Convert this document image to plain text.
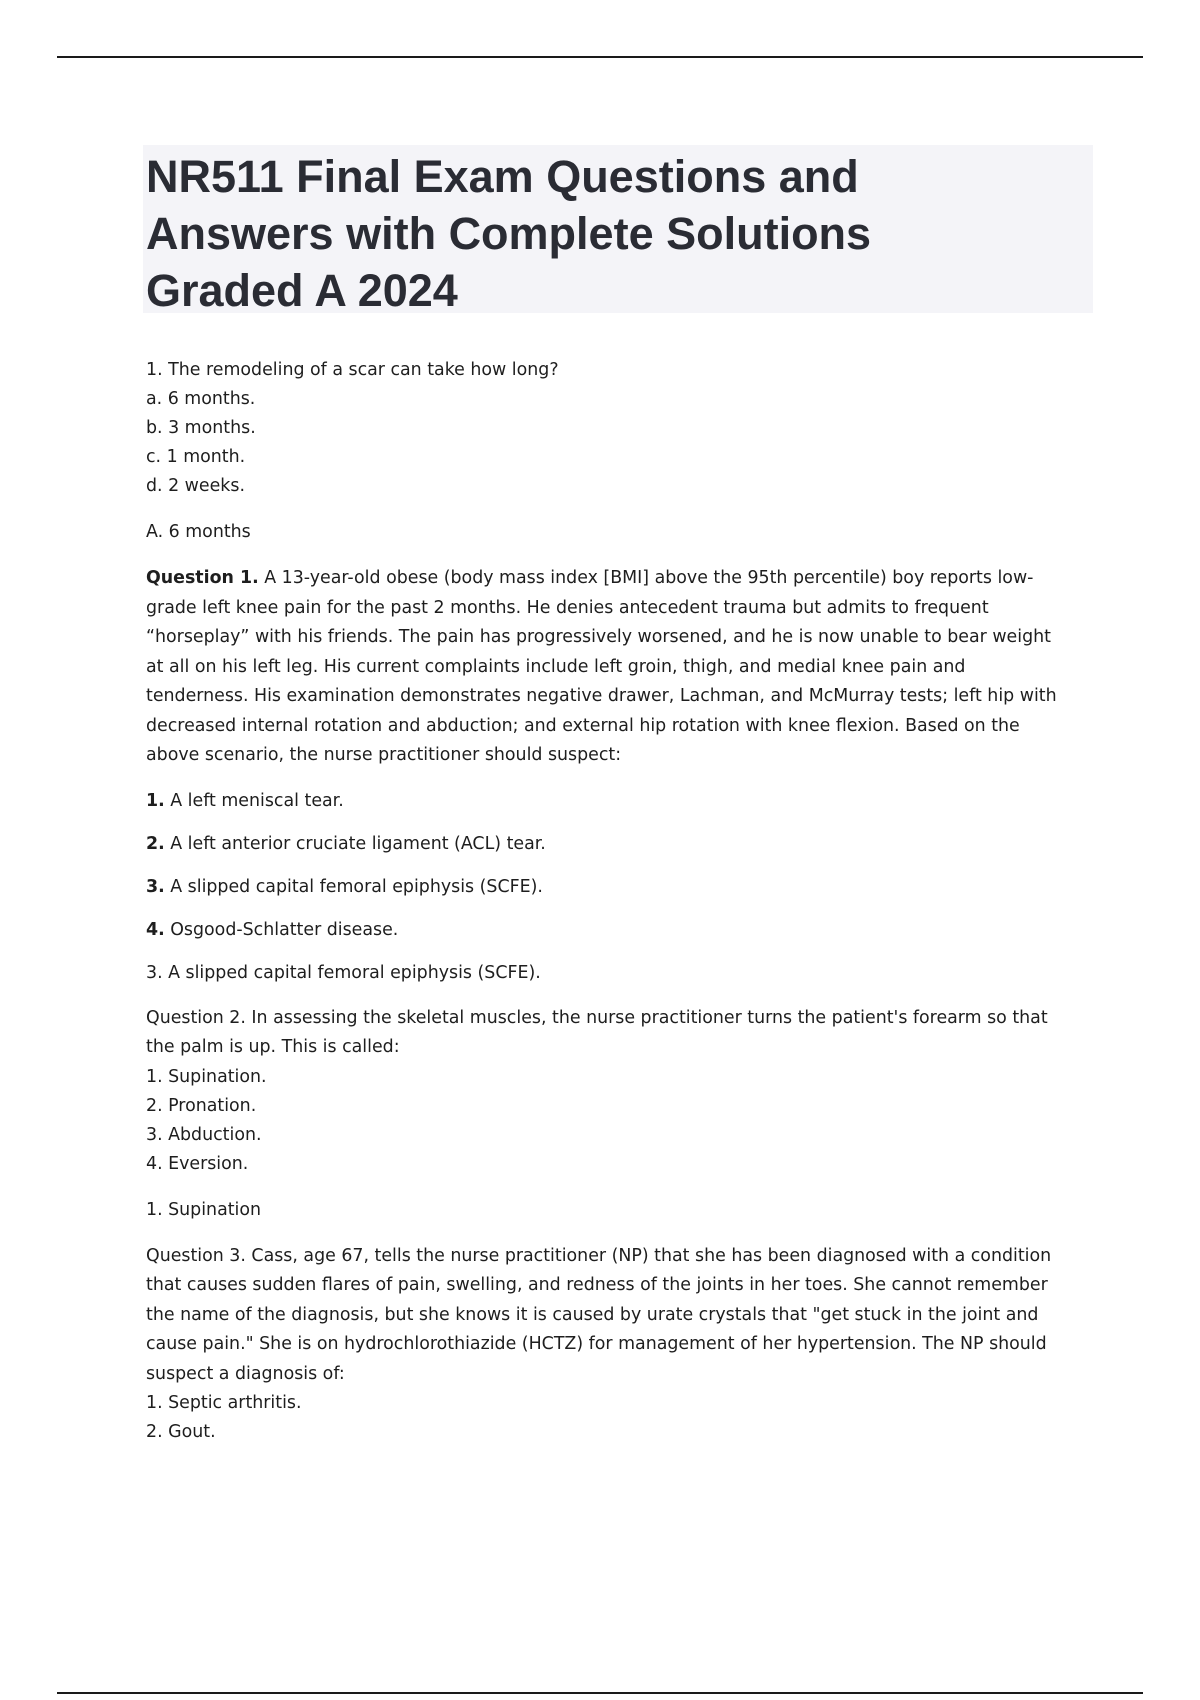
NR511 Final Exam Questions and
Answers with Complete Solutions
Graded A 2024
1. The remodeling of a scar can take how long?
a. 6 months.
b. 3 months.
c. 1 month.
d. 2 weeks.
A. 6 months
Question 1. A 13-year-old obese (body mass index [BMI] above the 95th percentile) boy reports low-
grade left knee pain for the past 2 months. He denies antecedent trauma but admits to frequent
“horseplay” with his friends. The pain has progressively worsened, and he is now unable to bear weight
at all on his left leg. His current complaints include left groin, thigh, and medial knee pain and
tenderness. His examination demonstrates negative drawer, Lachman, and McMurray tests; left hip with
decreased internal rotation and abduction; and external hip rotation with knee flexion. Based on the
above scenario, the nurse practitioner should suspect:
1. A left meniscal tear.
2. A left anterior cruciate ligament (ACL) tear.
3. A slipped capital femoral epiphysis (SCFE).
4. Osgood-Schlatter disease.
3. A slipped capital femoral epiphysis (SCFE).
Question 2. In assessing the skeletal muscles, the nurse practitioner turns the patient's forearm so that
the palm is up. This is called:
1. Supination.
2. Pronation.
3. Abduction.
4. Eversion.
1. Supination
Question 3. Cass, age 67, tells the nurse practitioner (NP) that she has been diagnosed with a condition
that causes sudden flares of pain, swelling, and redness of the joints in her toes. She cannot remember
the name of the diagnosis, but she knows it is caused by urate crystals that "get stuck in the joint and
cause pain." She is on hydrochlorothiazide (HCTZ) for management of her hypertension. The NP should
suspect a diagnosis of:
1. Septic arthritis.
2. Gout.
